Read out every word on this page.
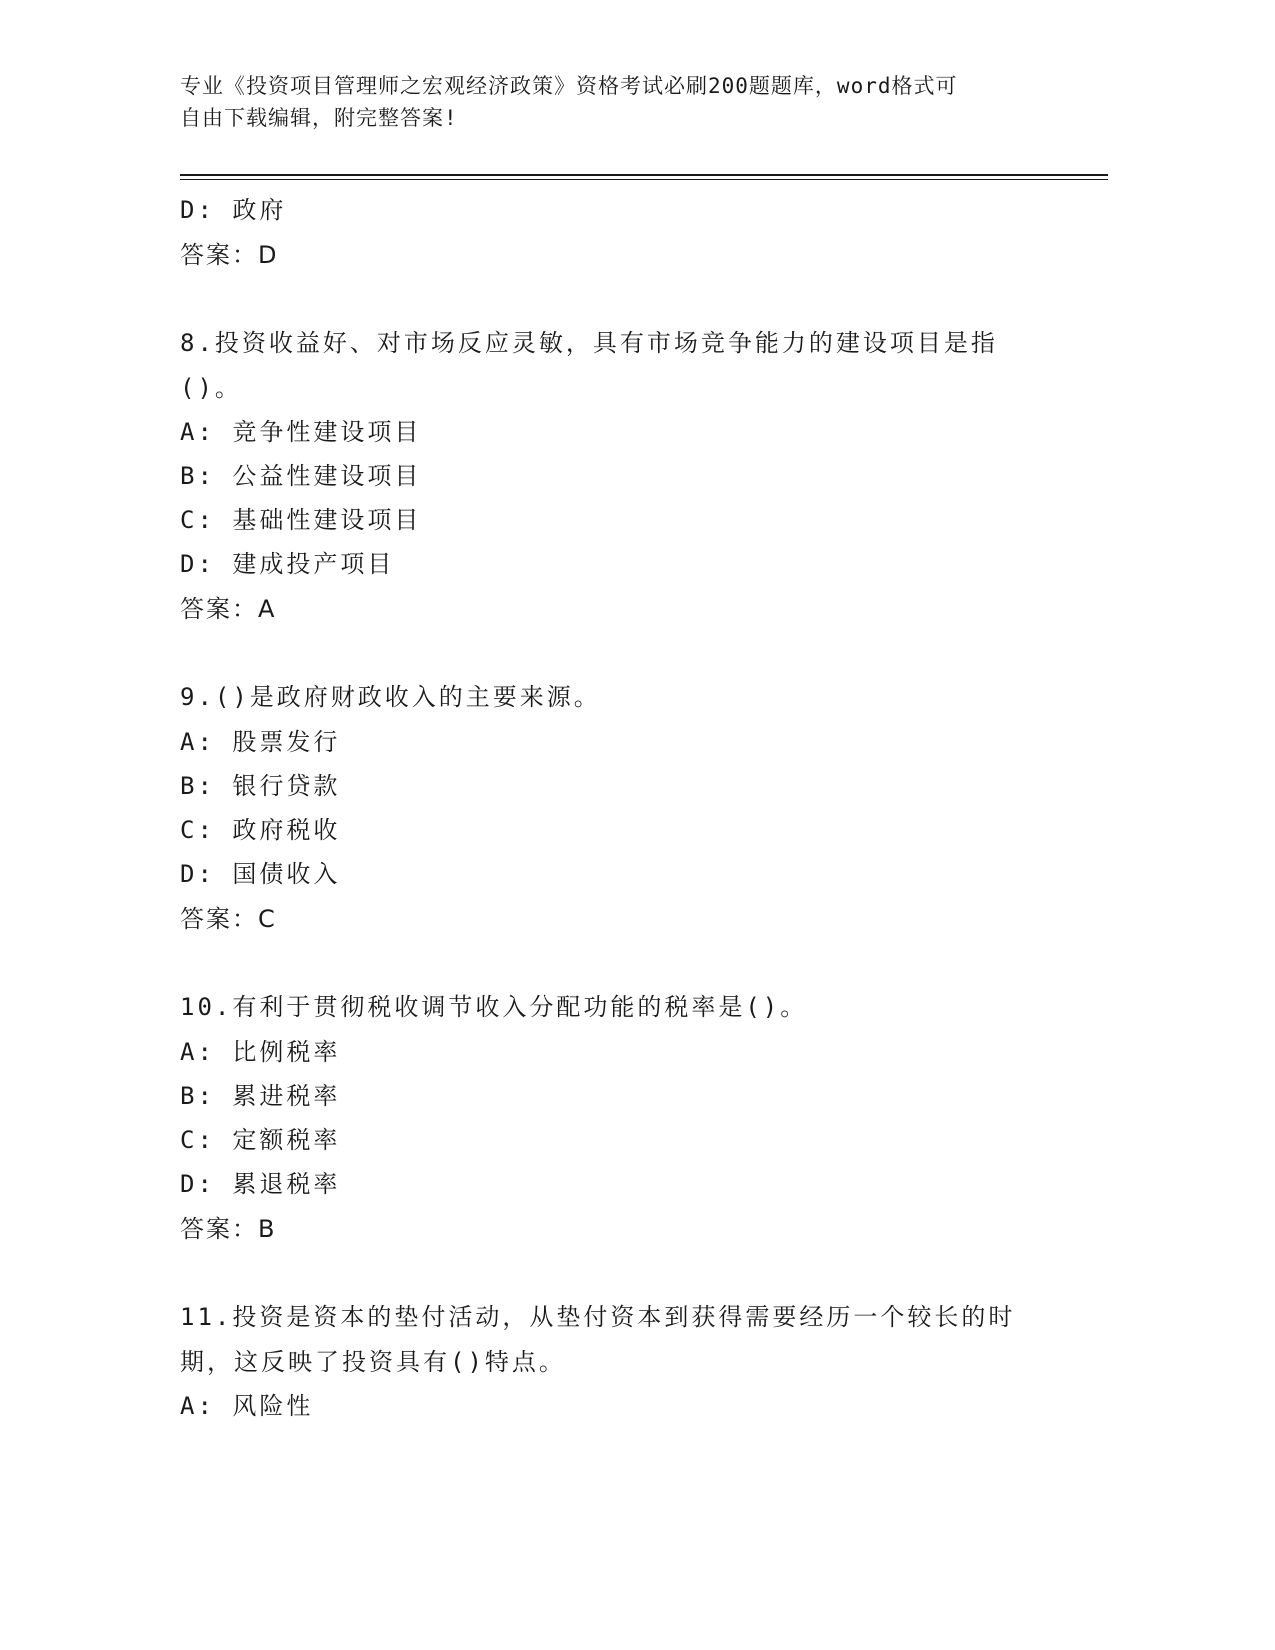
专业《投资项目管理师之宏观经济政策》资格考试必刷200题题库，word格式可
自由下载编辑，附完整答案!
D: 政府
答案：D
8.投资收益好、对市场反应灵敏，具有市场竞争能力的建设项目是指
()。
A: 竞争性建设项目
B: 公益性建设项目
C: 基础性建设项目
D: 建成投产项目
答案：A
9.()是政府财政收入的主要来源。
A: 股票发行
B: 银行贷款
C: 政府税收
D: 国债收入
答案：C
10.有利于贯彻税收调节收入分配功能的税率是()。
A: 比例税率
B: 累进税率
C: 定额税率
D: 累退税率
答案：B
11.投资是资本的垫付活动，从垫付资本到获得需要经历一个较长的时
期，这反映了投资具有()特点。
A: 风险性
